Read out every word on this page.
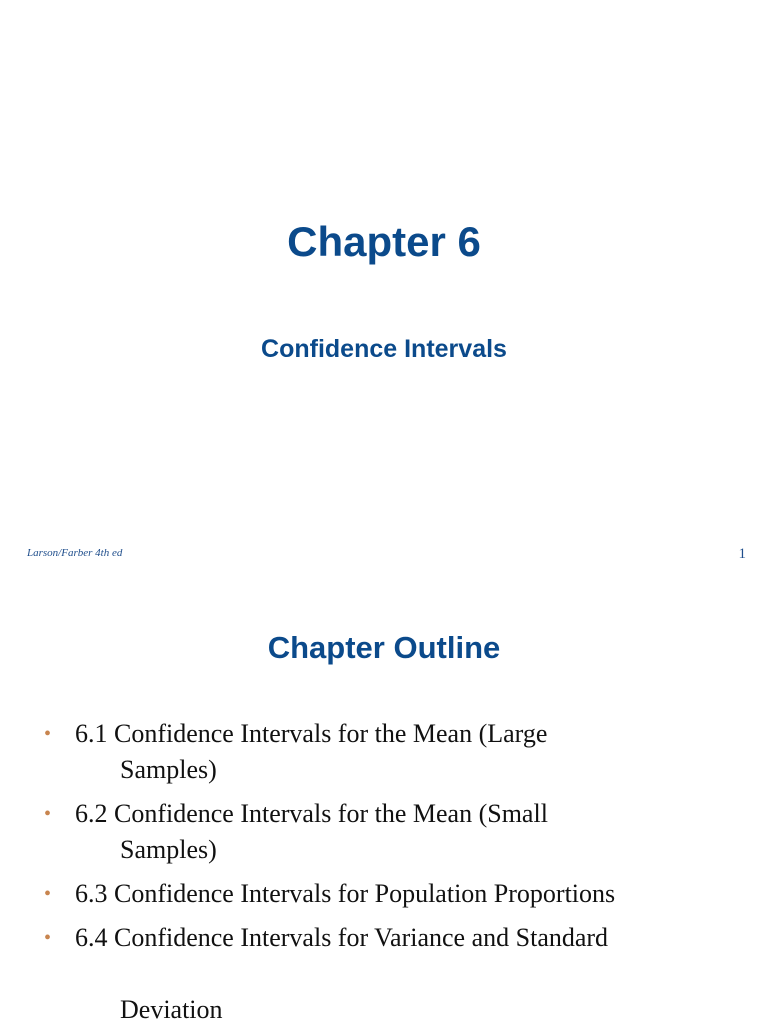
Chapter 6
Confidence Intervals
Larson/Farber 4th ed	1
Chapter Outline
• 6.1 Confidence Intervals for the Mean (Large
Samples)
• 6.2 Confidence Intervals for the Mean (Small
Samples)
• 6.3 Confidence Intervals for Population Proportions
• 6.4 Confidence Intervals for Variance and Standard
Deviation
